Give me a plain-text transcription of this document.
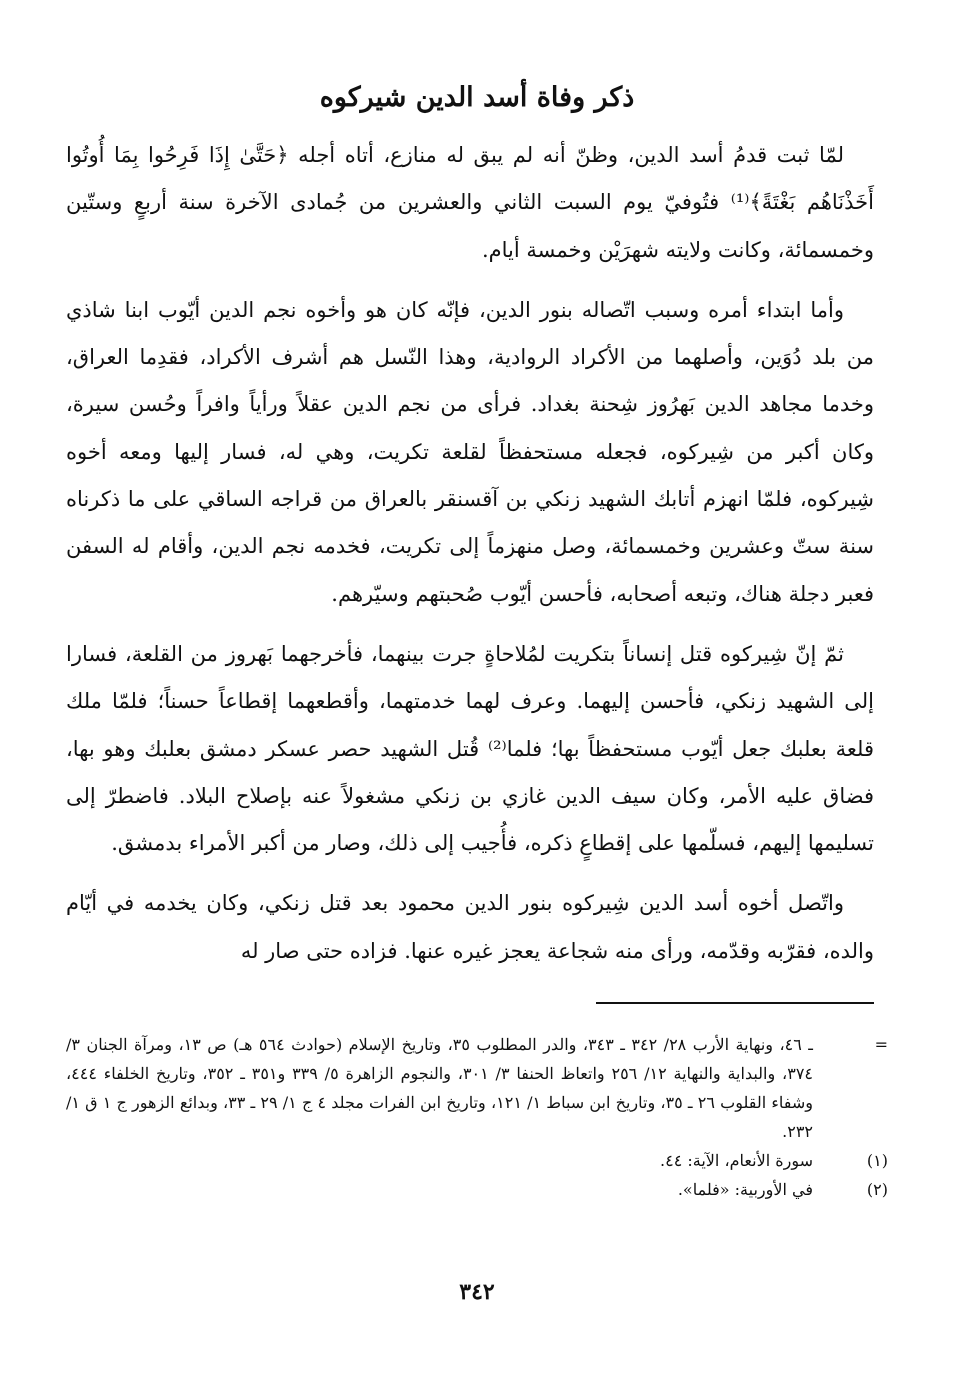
ذكر وفاة أسد الدين شيركوه

لمّا ثبت قدمُ أسد الدين، وظنّ أنه لم يبق له منازع، أتاه أجله ﴿حَتَّىٰ إِذَا فَرِحُوا بِمَا أُوتُوا أَخَذْنَاهُم بَغْتَةً﴾⁽¹⁾ فتُوفيّ يوم السبت الثاني والعشرين من جُمادى الآخرة سنة أربعٍ وستّين وخمسمائة، وكانت ولايته شهرَيْن وخمسة أيام.

وأما ابتداء أمره وسبب اتّصاله بنور الدين، فإنّه كان هو وأخوه نجم الدين أيّوب ابنا شاذي من بلد دُوَين، وأصلهما من الأكراد الروادية، وهذا النّسل هم أشرف الأكراد، فقدِما العراق، وخدما مجاهد الدين بَهرُوز شِحنة بغداد. فرأى من نجم الدين عقلاً ورأياً وافراً وحُسن سيرة، وكان أكبر من شِيركوه، فجعله مستحفظاً لقلعة تكريت، وهي له، فسار إليها ومعه أخوه شِيركوه، فلمّا انهزم أتابك الشهيد زنكي بن آقسنقر بالعراق من قراجه الساقي على ما ذكرناه سنة ستّ وعشرين وخمسمائة، وصل منهزماً إلى تكريت، فخدمه نجم الدين، وأقام له السفن فعبر دجلة هناك، وتبعه أصحابه، فأحسن أيّوب صُحبتهم وسيّرهم.

ثمّ إنّ شِيركوه قتل إنساناً بتكريت لمُلاحاةٍ جرت بينهما، فأخرجهما بَهروز من القلعة، فسارا إلى الشهيد زنكي، فأحسن إليهما. وعرف لهما خدمتهما، وأقطعهما إقطاعاً حسناً؛ فلمّا ملك قلعة بعلبك جعل أيّوب مستحفظاً بها؛ فلما⁽²⁾ قُتل الشهيد حصر عسكر دمشق بعلبك وهو بها، فضاق عليه الأمر، وكان سيف الدين غازي بن زنكي مشغولاً عنه بإصلاح البلاد. فاضطرّ إلى تسليمها إليهم، فسلّمها على إقطاعٍ ذكره، فأُجيب إلى ذلك، وصار من أكبر الأمراء بدمشق.

واتّصل أخوه أسد الدين شِيركوه بنور الدين محمود بعد قتل زنكي، وكان يخدمه في أيّام والده، فقرّبه وقدّمه، ورأى منه شجاعة يعجز غيره عنها. فزاده حتى صار له

=
ـ ٤٦، ونهاية الأرب ٢٨/ ٣٤٢ ـ ٣٤٣، والدر المطلوب ٣٥، وتاريخ الإسلام (حوادث ٥٦٤ هـ) ص ١٣، ومرآة الجنان ٣/ ٣٧٤، والبداية والنهاية ١٢/ ٢٥٦ واتعاظ الحنفا ٣/ ٣٠١، والنجوم الزاهرة ٥/ ٣٣٩ و٣٥١ ـ ٣٥٢، وتاريخ الخلفاء ٤٤٤، وشفاء القلوب ٢٦ ـ ٣٥، وتاريخ ابن سباط ١/ ١٢١، وتاريخ ابن الفرات مجلد ٤ ج ١/ ٢٩ ـ ٣٣، وبدائع الزهور ج ١ ق ١/ ٢٣٢.
(١)
سورة الأنعام، الآية: ٤٤.
(٢)
في الأوربية: «فلما».
٣٤٢
